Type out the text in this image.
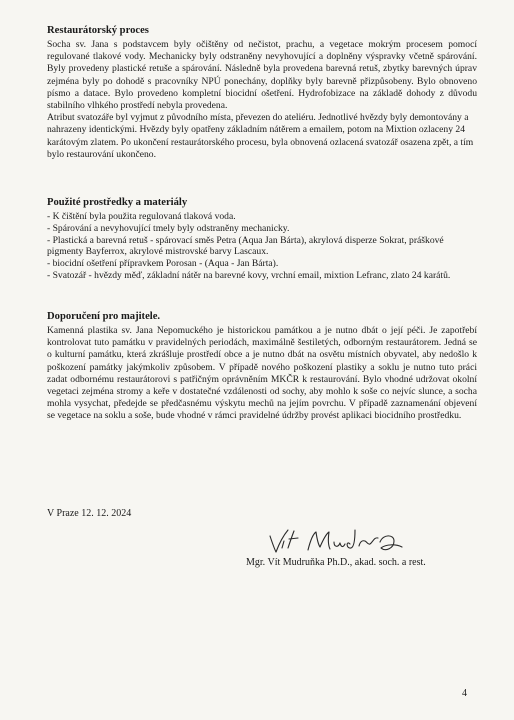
Restaurátorský proces

Socha sv. Jana s podstavcem byly očištěny od nečistot, prachu, a vegetace mokrým procesem pomocí regulované tlakové vody. Mechanicky byly odstraněny nevyhovující a doplněny výspravky včetně spárování. Byly provedeny plastické retuše a spárování. Následně byla provedena barevná retuš, zbytky barevných úprav zejména byly po dohodě s pracovníky NPÚ ponechány, doplňky byly barevně přizpůsobeny. Bylo obnoveno písmo a datace. Bylo provedeno kompletní biocidní ošetření. Hydrofobizace na základě dohody z důvodu stabilního vlhkého prostředí nebyla provedena.

Atribut svatozáře byl vyjmut z původního místa, převezen do ateliéru. Jednotlivé hvězdy byly demontovány a nahrazeny identickými. Hvězdy byly opatřeny základním nátěrem a emailem, potom na Mixtion ozlaceny 24 karátovým zlatem. Po ukončení restaurátorského procesu, byla obnovená ozlacená svatozář osazena zpět, a tím bylo restaurování ukončeno.

Použité prostředky a materiály
- K čištění byla použita regulovaná tlaková voda.
- Spárování a nevyhovující tmely byly odstraněny mechanicky.
- Plastická a barevná retuš - spárovací směs Petra (Aqua Jan Bárta), akrylová disperze Sokrat, práškové pigmenty Bayferrox, akrylové mistrovské barvy Lascaux.
- biocidní ošetření přípravkem Porosan - (Aqua - Jan Bárta).
- Svatozář - hvězdy měď, základní nátěr na barevné kovy, vrchní email, mixtion Lefranc, zlato 24 karátů.
Doporučení pro majitele.

Kamenná plastika sv. Jana Nepomuckého je historickou památkou a je nutno dbát o její péči. Je zapotřebí kontrolovat tuto památku v pravidelných periodách, maximálně šestiletých, odborným restaurátorem. Jedná se o kulturní památku, která zkrášluje prostředí obce a je nutno dbát na osvětu místních obyvatel, aby nedošlo k poškození památky jakýmkoliv způsobem. V případě nového poškození plastiky a soklu je nutno tuto práci zadat odbornému restaurátorovi s patřičným oprávněním MKČR k restaurování. Bylo vhodné udržovat okolní vegetaci zejména stromy a keře v dostatečné vzdálenosti od sochy, aby mohlo k soše co nejvíc slunce, a socha mohla vysychat, předejde se předčasnému výskytu mechů na jejím povrchu. V případě zaznamenání objevení se vegetace na soklu a soše, bude vhodné v rámci pravidelné údržby provést aplikaci biocidního prostředku.

V Praze 12. 12. 2024
Mgr. Vít Mudruňka Ph.D., akad. soch. a rest.
4
